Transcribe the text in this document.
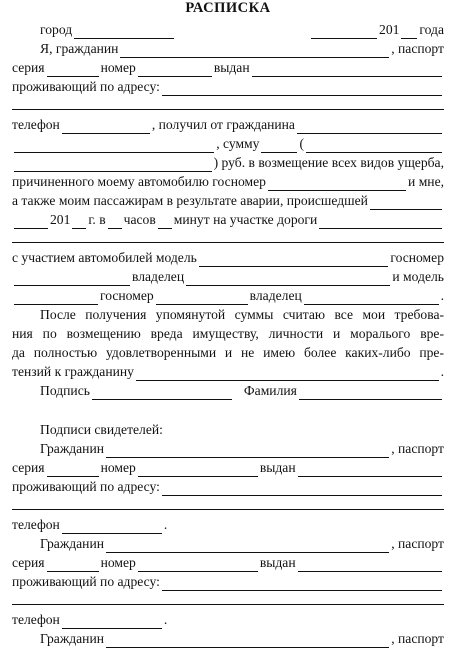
РАСПИСКА
город	201 года
Я, гражданин	, паспорт
серия	номер	выдан
проживающий по адресу:
телефон	, получил от гражданина
, сумму	(
) руб. в возмещение всех видов ущерба,
причиненного моему автомобилю госномер	и мне,
а также моим пассажирам в результате аварии, происшедшей
201 г. в часов минут на участке дороги
с участием автомобилей модель	госномер
владелец	и модель
госномер	владелец	.
После получения упомянутой суммы считаю все мои требова-
ния по возмещению вреда имуществу, личности и моралього вре-
да полностью удовлетворенными и не имею более каких-либо пре-
тензий к гражданину	.
Подпись	Фамилия
Подписи свидетелей:
Гражданин	, паспорт
серия	номер	выдан
проживающий по адресу:
телефон	.
Гражданин	, паспорт
серия	номер	выдан
проживающий по адресу:
телефон	.
Гражданин	, паспорт
